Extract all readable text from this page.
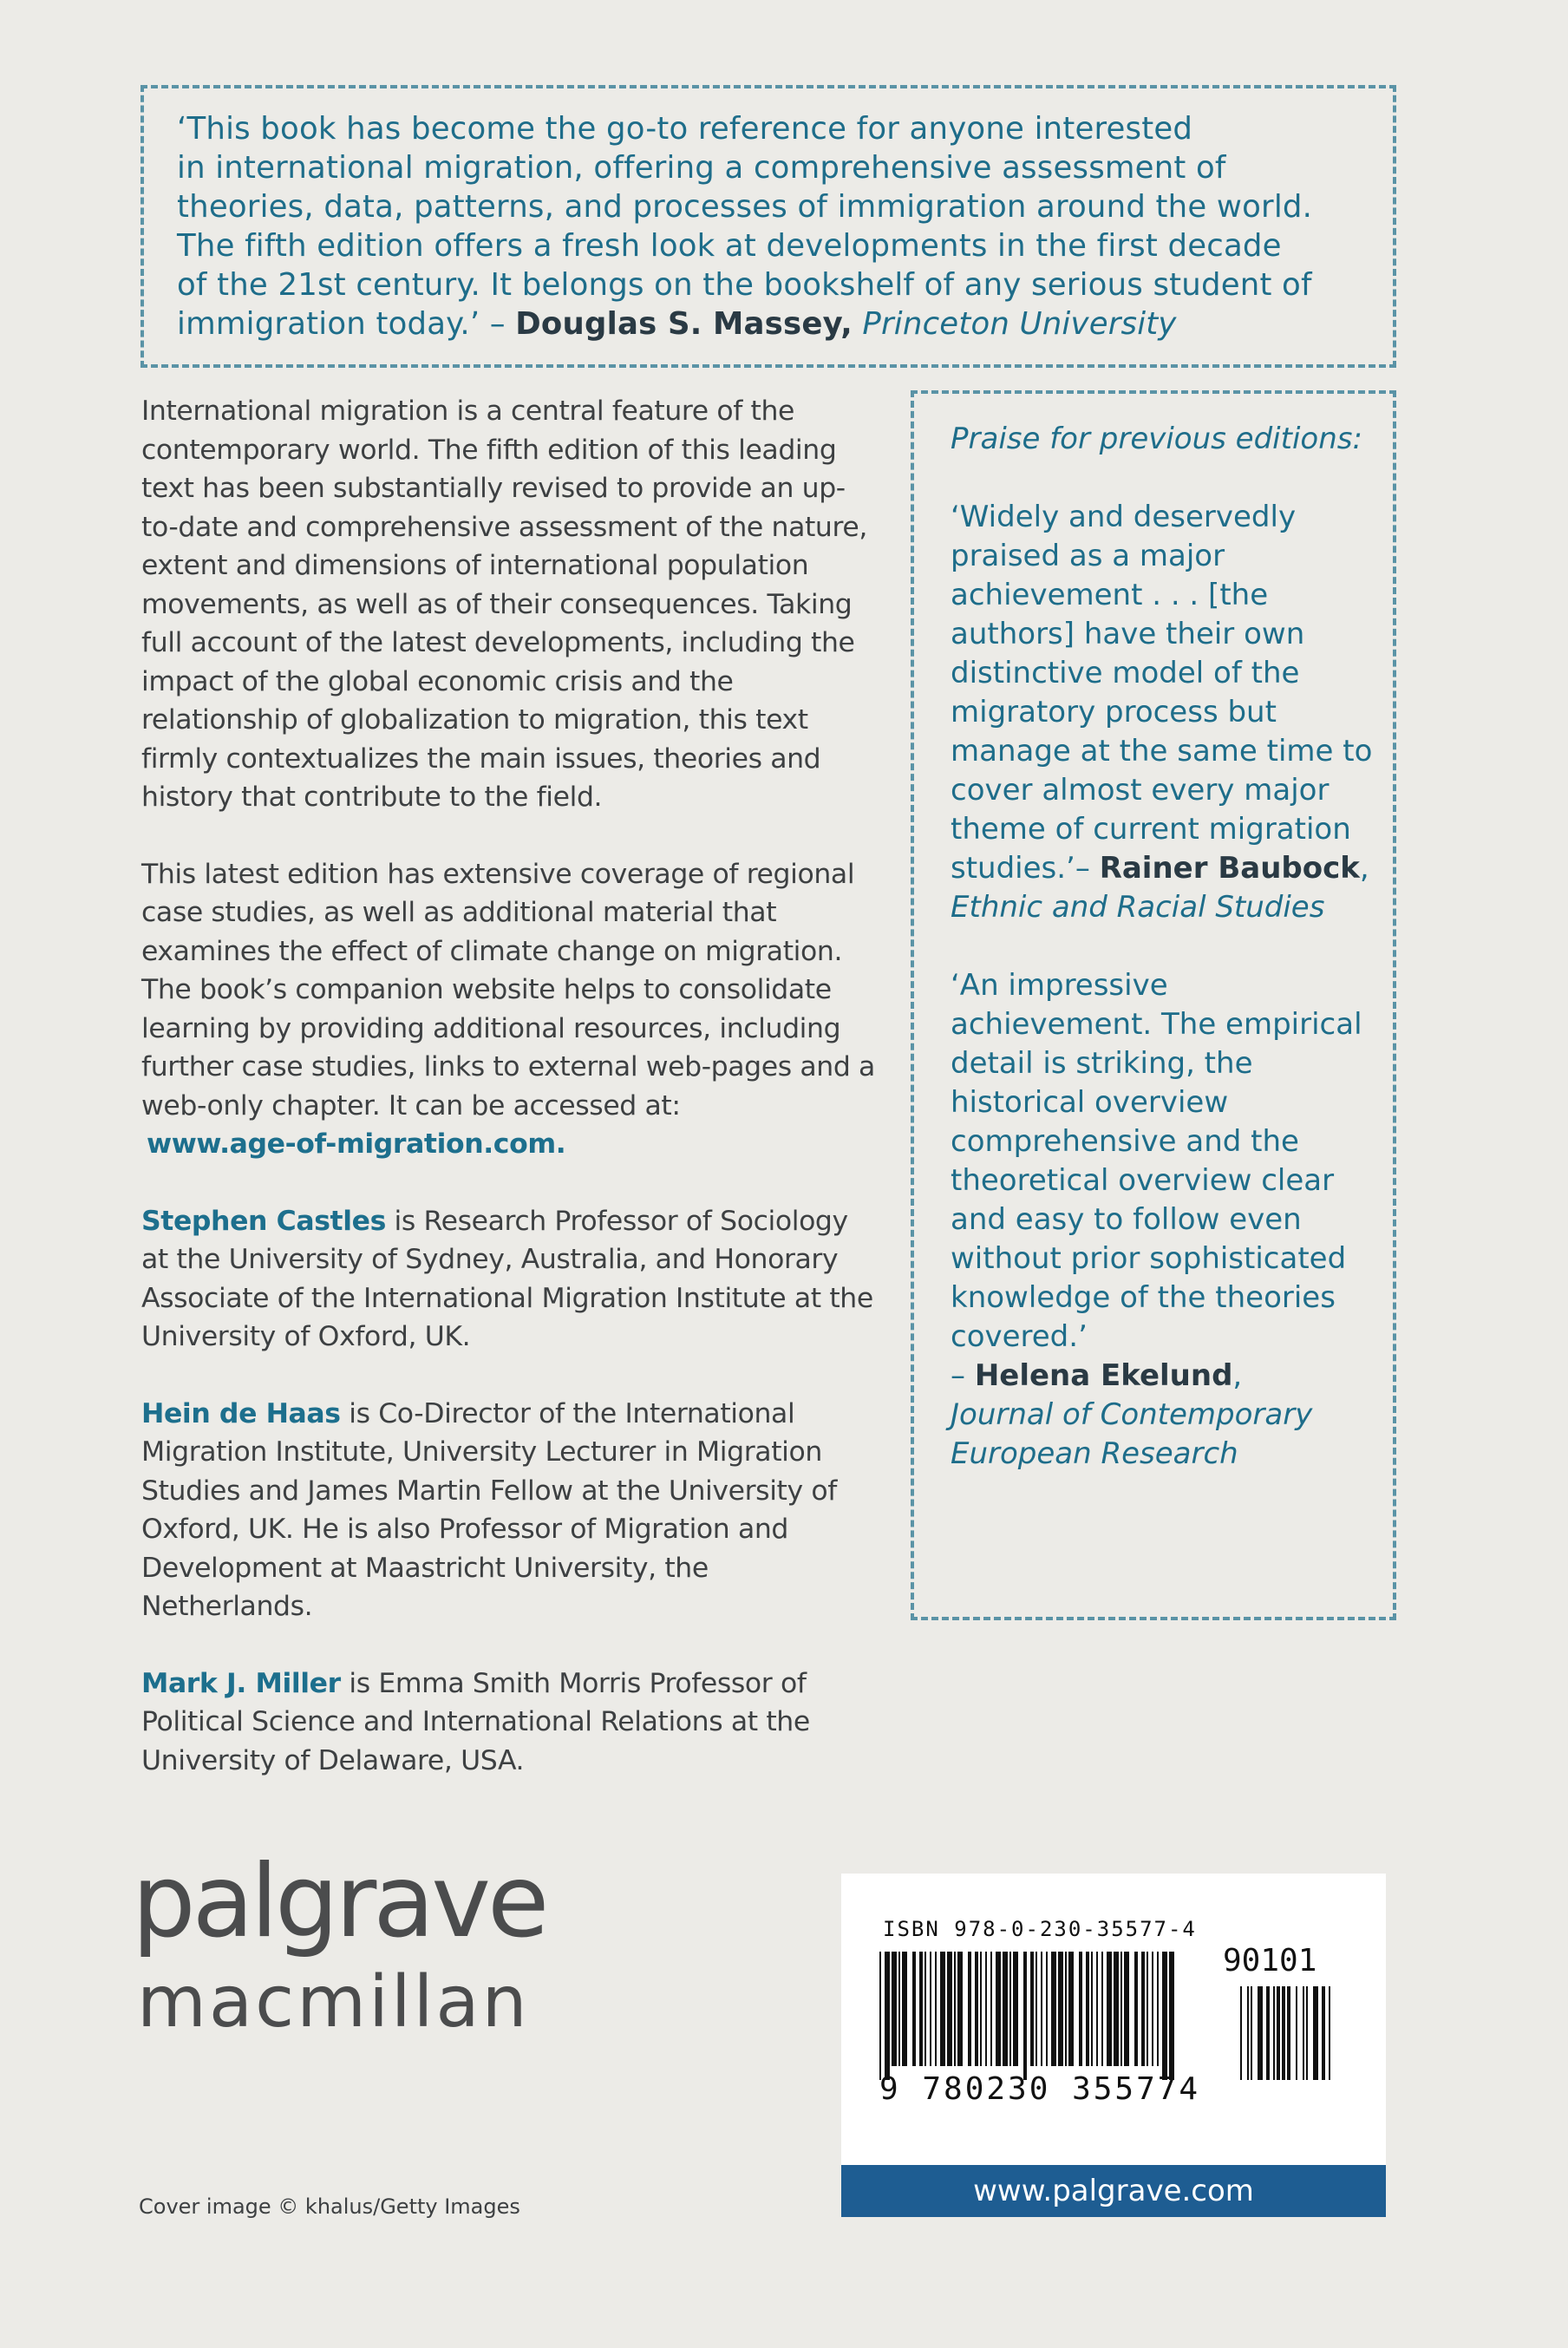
‘This book has become the go-to reference for anyone interested
in international migration, offering a comprehensive assessment of
theories, data, patterns, and processes of immigration around the world.
The fifth edition offers a fresh look at developments in the first decade
of the 21st century. It belongs on the bookshelf of any serious student of
immigration today.’ – Douglas S. Massey, Princeton University

International migration is a central feature of the contemporary world. The fifth edition of this leading text has been substantially revised to provide an up-to-date and comprehensive assessment of the nature, extent and dimensions of international population movements, as well as of their consequences. Taking full account of the latest developments, including the impact of the global economic crisis and the relationship of globalization to migration, this text firmly contextualizes the main issues, theories and history that contribute to the field.

This latest edition has extensive coverage of regional case studies, as well as additional material that examines the effect of climate change on migration. The book’s companion website helps to consolidate learning by providing additional resources, including further case studies, links to external web-pages and a web-only chapter. It can be accessed at:
www.age-of-migration.com.

Stephen Castles is Research Professor of Sociology at the University of Sydney, Australia, and Honorary Associate of the International Migration Institute at the University of Oxford, UK.

Hein de Haas is Co-Director of the International Migration Institute, University Lecturer in Migration Studies and James Martin Fellow at the University of Oxford, UK. He is also Professor of Migration and Development at Maastricht University, the Netherlands.

Mark J. Miller is Emma Smith Morris Professor of Political Science and International Relations at the University of Delaware, USA.

Praise for previous editions:
‘Widely and deservedly praised as a major achievement . . . [the authors] have their own distinctive model of the migratory process but manage at the same time to cover almost every major theme of current migration studies.’– Rainer Baubock,
Ethnic and Racial Studies
‘An impressive achievement. The empirical detail is striking, the historical overview comprehensive and the theoretical overview clear and easy to follow even without prior sophisticated knowledge of the theories covered.’
– Helena Ekelund,
Journal of Contemporary European Research
Cover image © khalus/Getty Images
ISBN 978-0-230-35577-4
90101
9 780230 355774
www.palgrave.com
palgrave
macmillan
